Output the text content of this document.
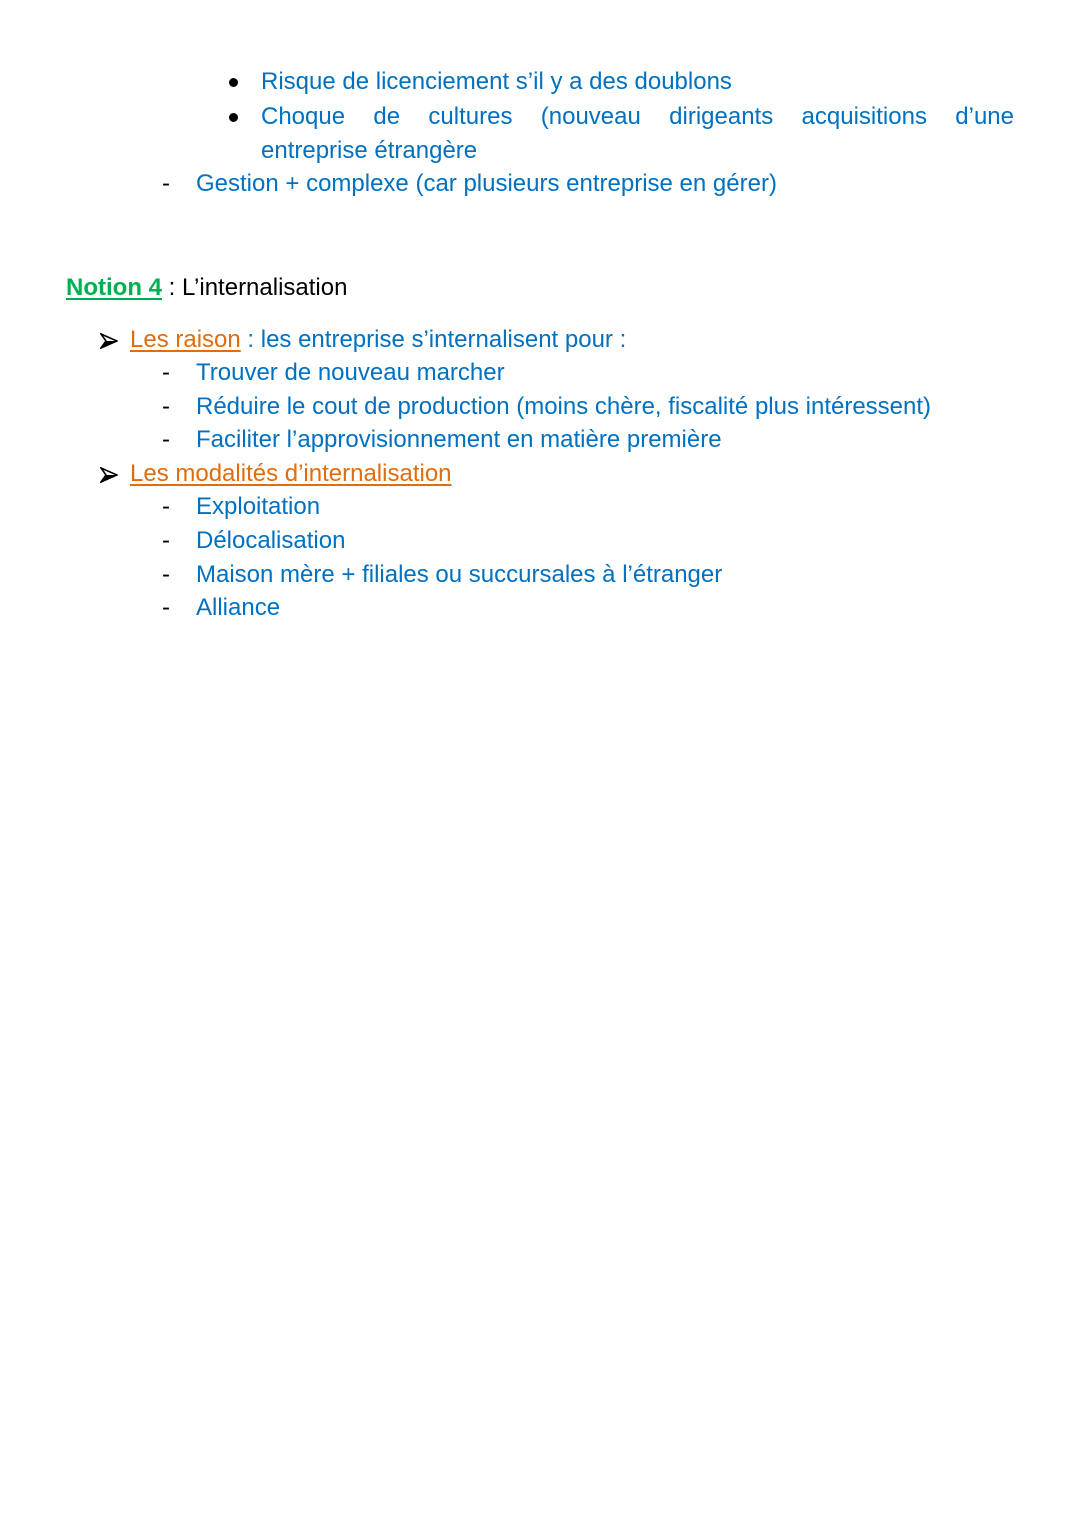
Risque de licenciement s’il y a des doublons
Choque de cultures (nouveau dirigeants acquisitions d’une
entreprise étrangère
- Gestion + complexe (car plusieurs entreprise en gérer)
Notion 4 : L’internalisation
Les raison : les entreprise s’internalisent pour :
- Trouver de nouveau marcher
- Réduire le cout de production (moins chère, fiscalité plus intéressent)
- Faciliter l’approvisionnement en matière première
Les modalités d’internalisation
- Exploitation
- Délocalisation
- Maison mère + filiales ou succursales à l’étranger
- Alliance
